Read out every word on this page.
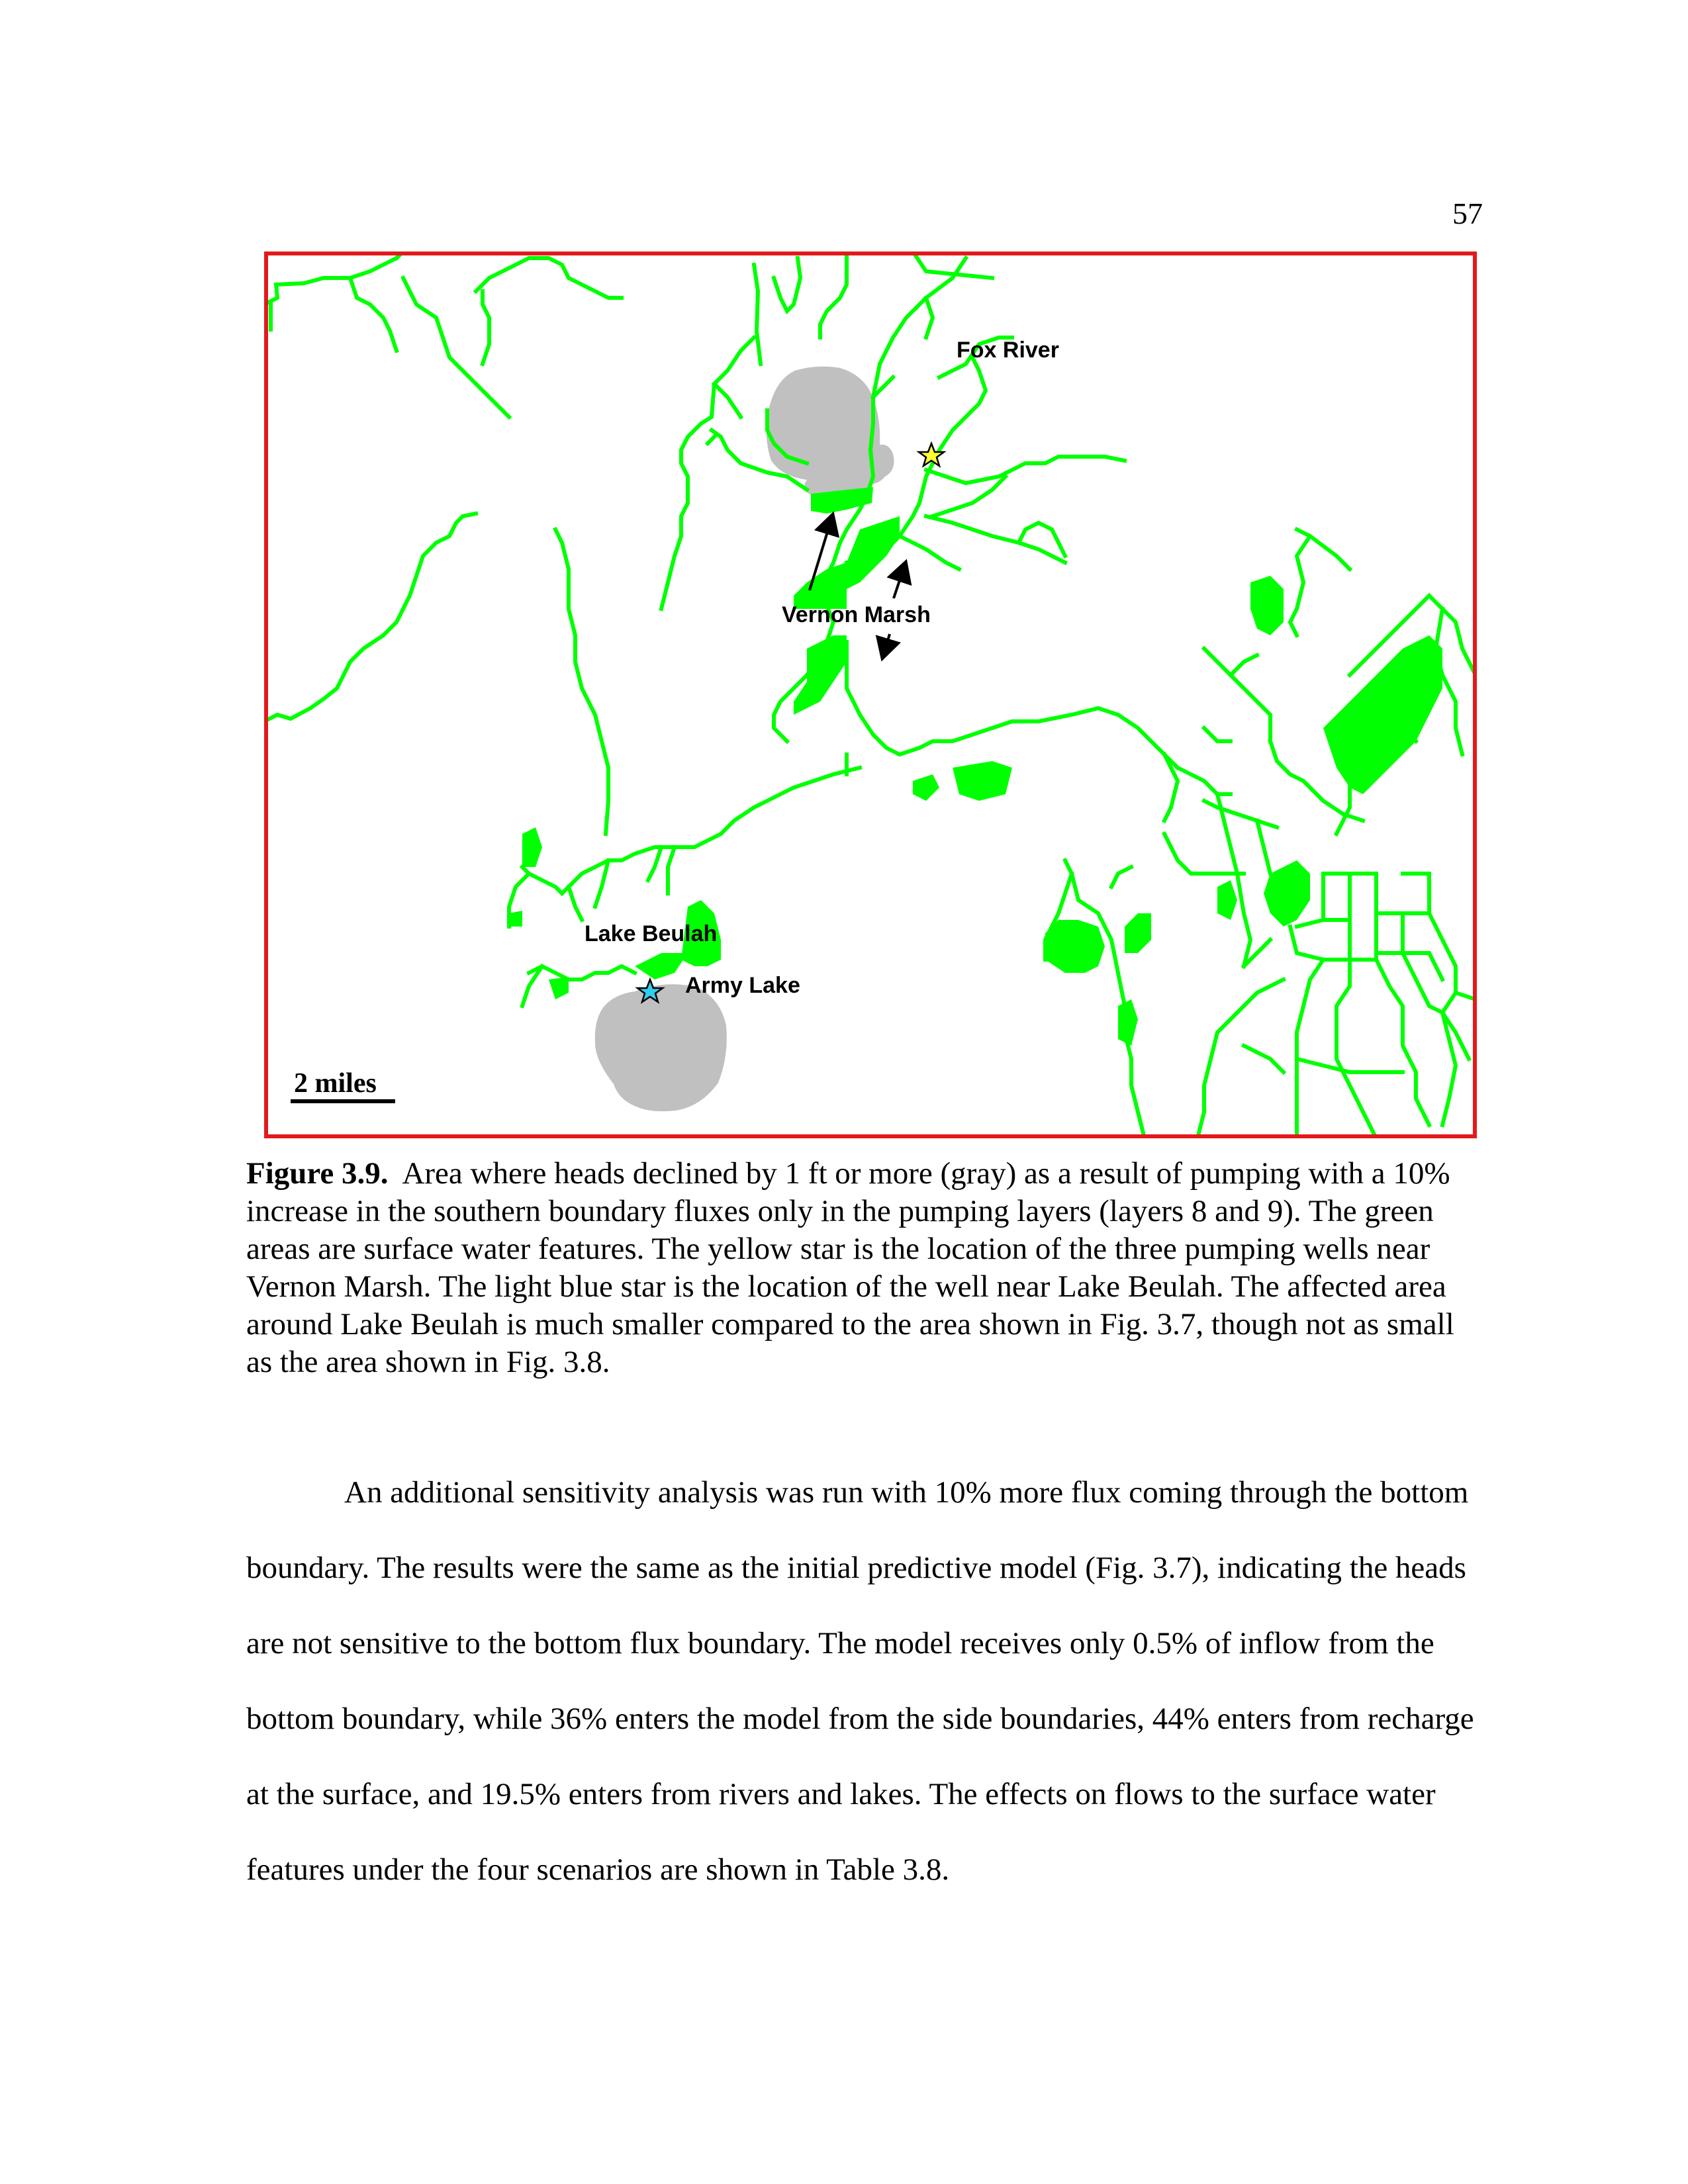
57
Fox River
Vernon Marsh
Lake Beulah
Army Lake
2 miles
Figure 3.9. Area where heads declined by 1 ft or more (gray) as a result of pumping with a 10% increase in the southern boundary fluxes only in the pumping layers (layers 8 and 9). The green areas are surface water features. The yellow star is the location of the three pumping wells near Vernon Marsh. The light blue star is the location of the well near Lake Beulah. The affected area around Lake Beulah is much smaller compared to the area shown in Fig. 3.7, though not as small as the area shown in Fig. 3.8.

An additional sensitivity analysis was run with 10% more flux coming through the bottom boundary. The results were the same as the initial predictive model (Fig. 3.7), indicating the heads are not sensitive to the bottom flux boundary. The model receives only 0.5% of inflow from the bottom boundary, while 36% enters the model from the side boundaries, 44% enters from recharge at the surface, and 19.5% enters from rivers and lakes. The effects on flows to the surface water features under the four scenarios are shown in Table 3.8.
